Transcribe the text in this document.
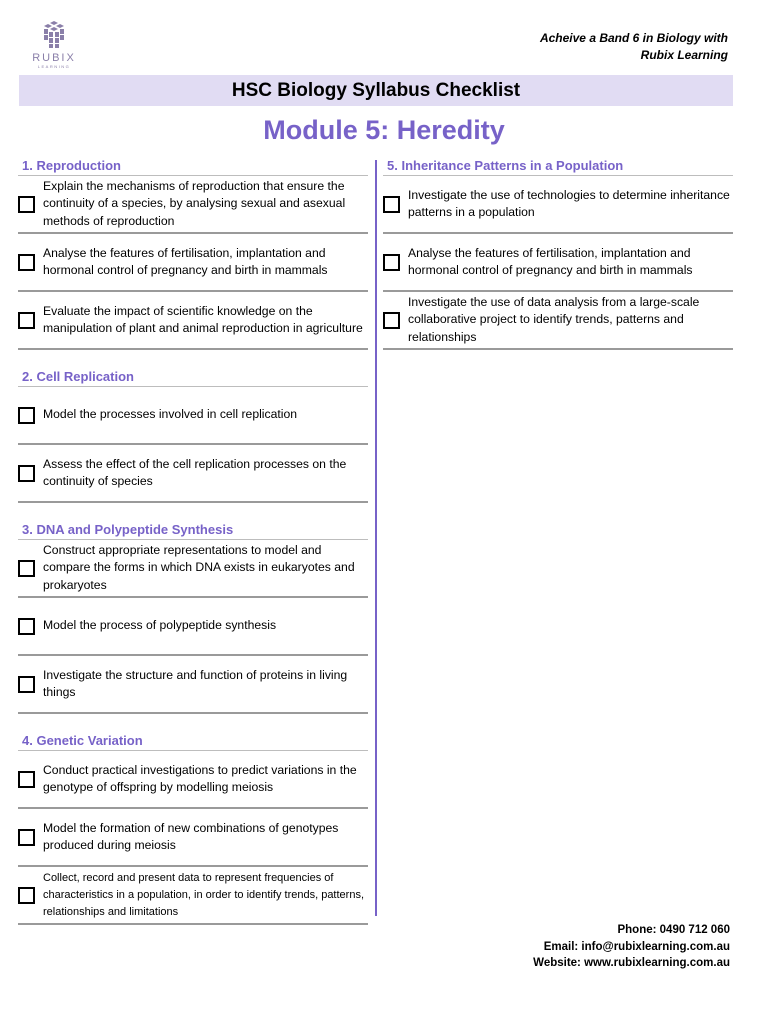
RUBIX
LEARNING
Acheive a Band 6 in Biology with
Rubix Learning
HSC Biology Syllabus Checklist
Module 5: Heredity
1. Reproduction
Explain the mechanisms of reproduction that ensure the continuity of a species, by analysing sexual and asexual methods of reproduction
Analyse the features of fertilisation, implantation and hormonal control of pregnancy and birth in mammals
Evaluate the impact of scientific knowledge on the manipulation of plant and animal reproduction in agriculture
2. Cell Replication
Model the processes involved in cell replication
Assess the effect of the cell replication processes on the continuity of species
3. DNA and Polypeptide Synthesis
Construct appropriate representations to model and compare the forms in which DNA exists in eukaryotes and prokaryotes
Model the process of polypeptide synthesis
Investigate the structure and function of proteins in living things
4. Genetic Variation
Conduct practical investigations to predict variations in the genotype of offspring by modelling meiosis
Model the formation of new combinations of genotypes produced during meiosis
Collect, record and present data to represent frequencies of characteristics in a population, in order to identify trends, patterns, relationships and limitations
5. Inheritance Patterns in a Population
Investigate the use of technologies to determine inheritance patterns in a population
Analyse the features of fertilisation, implantation and hormonal control of pregnancy and birth in mammals
Investigate the use of data analysis from a large-scale collaborative project to identify trends, patterns and relationships
Phone: 0490 712 060
Email: info@rubixlearning.com.au
Website: www.rubixlearning.com.au
